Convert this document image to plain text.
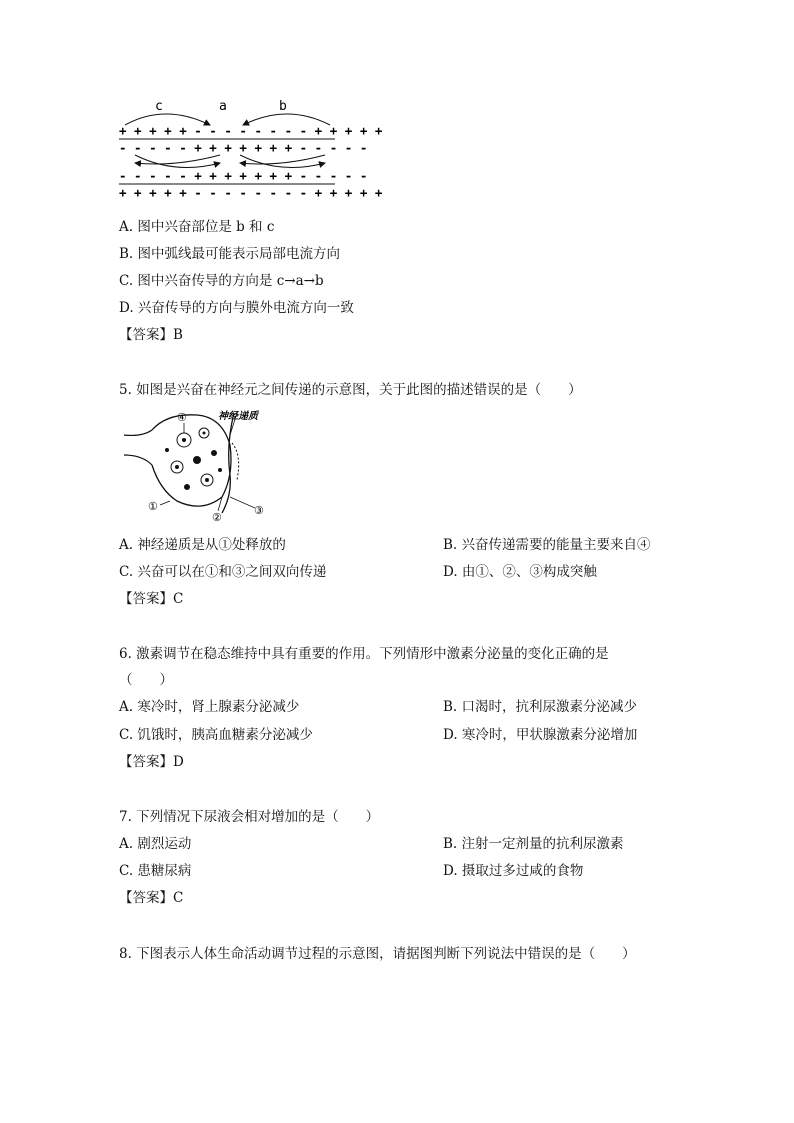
c	a	b
+ + + + + - - - - - - - - + + + + +
- - - - - + + + + + + + - - - - -
- - - - - + + + + + + + - - - - -
+ + + + + - - - - - - - - + + + + +
A. 图中兴奋部位是 b 和 c
B. 图中弧线最可能表示局部电流方向
C. 图中兴奋传导的方向是 c→a→b
D. 兴奋传导的方向与膜外电流方向一致
【答案】B
5. 如图是兴奋在神经元之间传递的示意图，关于此图的描述错误的是（　　）
④	神经递质
①
②
③
A. 神经递质是从①处释放的	B. 兴奋传递需要的能量主要来自④
C. 兴奋可以在①和③之间双向传递	D. 由①、②、③构成突触
【答案】C
6. 激素调节在稳态维持中具有重要的作用。下列情形中激素分泌量的变化正确的是
（　　）
A. 寒冷时，肾上腺素分泌减少	B. 口渴时，抗利尿激素分泌减少
C. 饥饿时，胰高血糖素分泌减少	D. 寒冷时，甲状腺激素分泌增加
【答案】D
7. 下列情况下尿液会相对增加的是（　　）
A. 剧烈运动	B. 注射一定剂量的抗利尿激素
C. 患糖尿病	D. 摄取过多过咸的食物
【答案】C
8. 下图表示人体生命活动调节过程的示意图，请据图判断下列说法中错误的是（　　）
